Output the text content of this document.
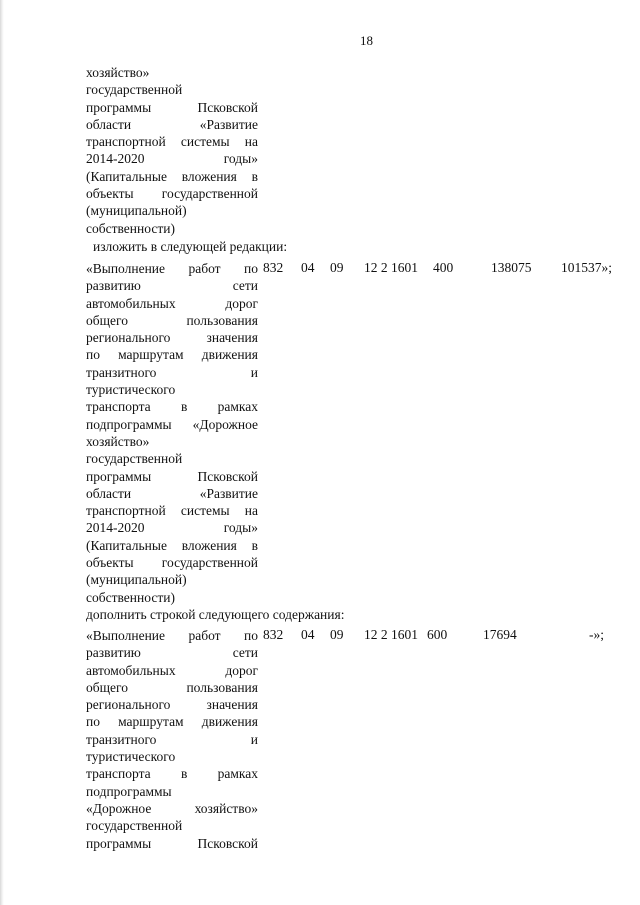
18
хозяйство»
государственной
программы	Псковской
области	«Развитие
транспортной системы на
2014-2020	годы»
(Капитальные вложения в
объекты государственной
(муниципальной)
собственности)
изложить в следующей редакции:
«Выполнение работ по
развитию	сети
автомобильных	дорог
общего	пользования
регионального	значения
по маршрутам движения
транзитного	и
туристического
транспорта в рамках
подпрограммы «Дорожное
хозяйство»
государственной
программы	Псковской
области	«Развитие
транспортной системы на
2014-2020	годы»
(Капитальные вложения в
объекты государственной
(муниципальной)
собственности)
832 04 09 12 2 1601 400	138075 101537»;
дополнить строкой следующего содержания:
«Выполнение работ по
развитию	сети
автомобильных	дорог
общего	пользования
регионального	значения
по маршрутам движения
транзитного	и
туристического
транспорта в рамках
подпрограммы
«Дорожное	хозяйство»
государственной
программы	Псковской
832 04 09 12 2 1601 600	17694	-»;
